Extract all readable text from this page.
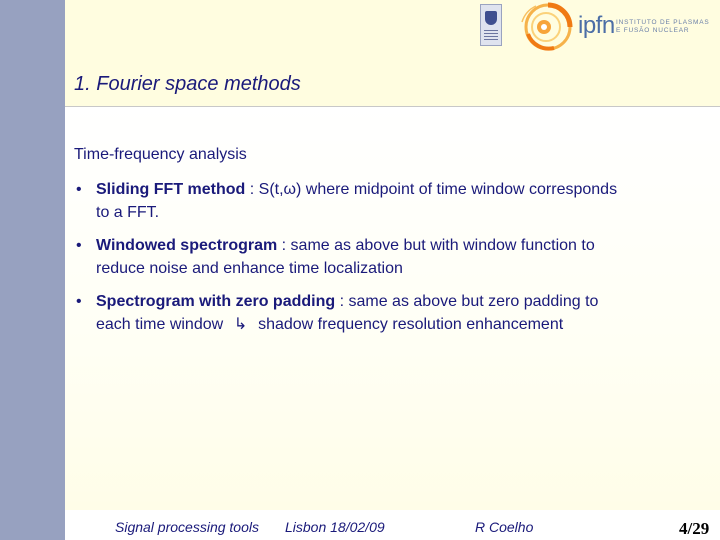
ipfn INSTITUTO DE PLASMAS
E FUSÃO NUCLEAR
1. Fourier space methods
Time-frequency analysis
• Sliding FFT method : S(t,ω) where midpoint of time window corresponds to a FFT.
• Windowed spectrogram : same as above but with window function to reduce noise and enhance time localization
• Spectrogram with zero padding : same as above but zero padding to each time window ↳ shadow frequency resolution enhancement
Signal processing tools Lisbon 18/02/09	R Coelho	4/29
